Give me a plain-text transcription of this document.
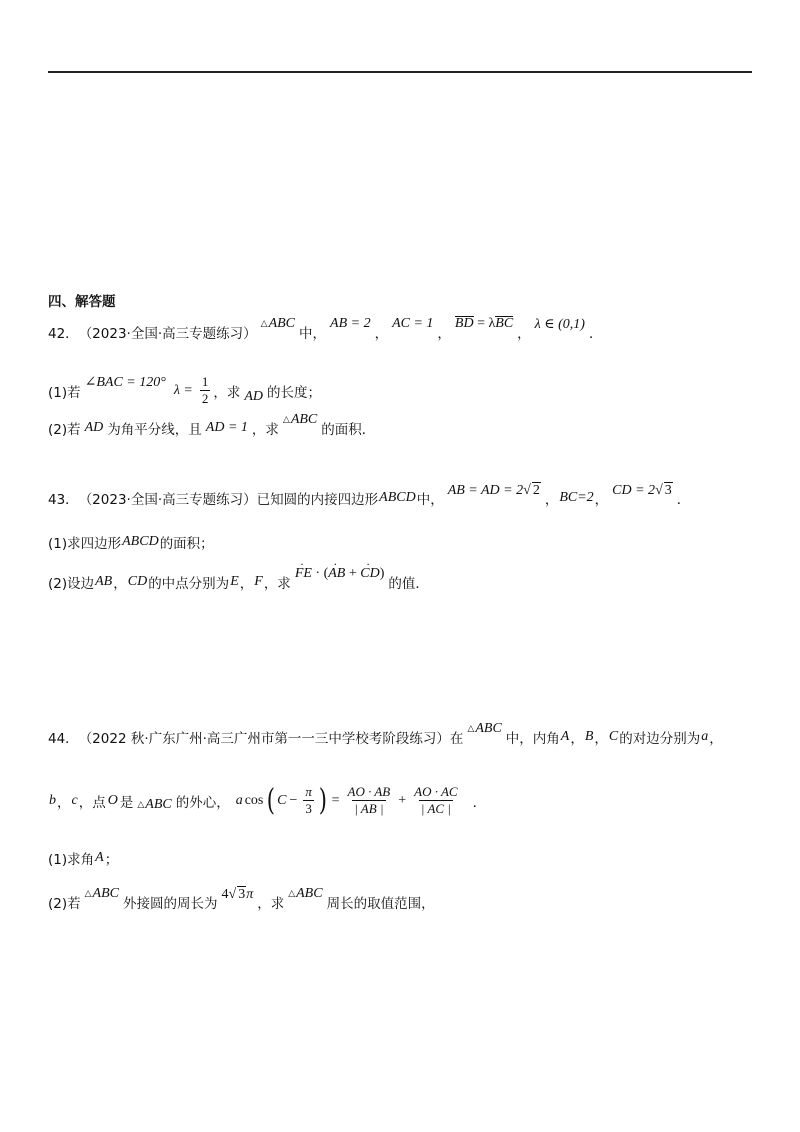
四、解答题
42． （2023·全国·高三专题练习）
△ABC
中，
AB = 2
，
AC = 1
，
BD = λBC
，
λ ∈ (0,1)
．
(1)若
∠BAC = 120° $\lambda = \frac{1}{2}$ ，求 AD 的长度；
(2)若 AD 为角平分线，且 AD = 1 ，求
△ABC
的面积．
43． （2023·全国·高三专题练习） 已知圆的内接四边形 ABCD 中，
AB = AD = 2√ 2
， BC=2 ，
CD = 2√ 3
．
(1)求四边形 ABCD 的面积；
(2)设边 AB ， CD 的中点分别为 E ， F ，求
· FE · (· AB + · CD)
的值．
44． （2022 秋·广东广州·高三广州市第一一三中学校考阶段练习） 在
△ABC
中，内角 A ， B ， C 的对边分别为 a ，
b ， c ，点 O 是 △ABC 的外心， a cos ( $C - \frac{\pi}{3}$ ) = $\frac{AO \cdot AB}{| AB |} + \frac{AO \cdot AC}{| AC |}$ ．
(1)求角 A ；
(2)若
△ABC
外接圆的周长为
4√ 3π
，求
△ABC
周长的取值范围，
